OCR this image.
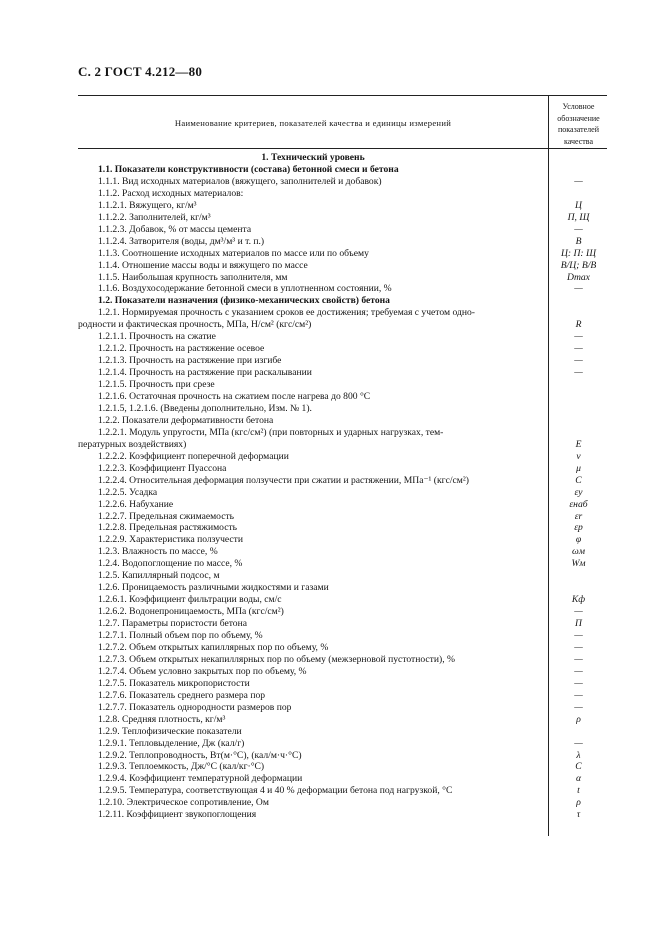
С. 2 ГОСТ 4.212—80
Наименование критериев, показателей качества и единицы измерений
Условное обозначение показателей качества
1. Технический уровень
1.1. Показатели конструктивности (состава) бетонной смеси и бетона
1.1.1. Вид исходных материалов (вяжущего, заполнителей и добавок)	—
1.1.2. Расход исходных материалов:
1.1.2.1. Вяжущего, кг/м³	Ц
1.1.2.2. Заполнителей, кг/м³	П, Щ
1.1.2.3. Добавок, % от массы цемента	—
1.1.2.4. Затворителя (воды, дм³/м³ и т. п.)	В
1.1.3. Соотношение исходных материалов по массе или по объему	Ц: П: Щ
1.1.4. Отношение массы воды и вяжущего по массе	В/Ц; В/В
1.1.5. Наибольшая крупность заполнителя, мм	Dmax
1.1.6. Воздухосодержание бетонной смеси в уплотненном состоянии, %	—
1.2. Показатели назначения (физико-механических свойств) бетона
1.2.1. Нормируемая прочность с указанием сроков ее достижения; требуемая с учетом одно-
родности и фактическая прочность, МПа, Н/см² (кгс/см²)	R
1.2.1.1. Прочность на сжатие	—
1.2.1.2. Прочность на растяжение осевое	—
1.2.1.3. Прочность на растяжение при изгибе	—
1.2.1.4. Прочность на растяжение при раскалывании	—
1.2.1.5. Прочность при срезе
1.2.1.6. Остаточная прочность на сжатием после нагрева до 800 °С
1.2.1.5, 1.2.1.6. (Введены дополнительно, Изм. № 1).
1.2.2. Показатели деформативности бетона
1.2.2.1. Модуль упругости, МПа (кгс/см²) (при повторных и ударных нагрузках, тем-
пературных воздействиях)	E
1.2.2.2. Коэффициент поперечной деформации	ν
1.2.2.3. Коэффициент Пуассона	μ
1.2.2.4. Относительная деформация ползучести при сжатии и растяжении, МПа⁻¹ (кгс/см²)	C
1.2.2.5. Усадка	εу
1.2.2.6. Набухание	εнаб
1.2.2.7. Предельная сжимаемость	εr
1.2.2.8. Предельная растяжимость	εp
1.2.2.9. Характеристика ползучести	φ
1.2.3. Влажность по массе, %	ωм
1.2.4. Водопоглощение по массе, %	Wм
1.2.5. Капиллярный подсос, м
1.2.6. Проницаемость различными жидкостями и газами
1.2.6.1. Коэффициент фильтрации воды, см/с	Kф
1.2.6.2. Водонепроницаемость, МПа (кгс/см²)	—
1.2.7. Параметры пористости бетона	П
1.2.7.1. Полный объем пор по объему, %	—
1.2.7.2. Объем открытых капиллярных пор по объему, %	—
1.2.7.3. Объем открытых некапиллярных пор по объему (межзерновой пустотности), %	—
1.2.7.4. Объем условно закрытых пор по объему, %	—
1.2.7.5. Показатель микропористости	—
1.2.7.6. Показатель среднего размера пор	—
1.2.7.7. Показатель однородности размеров пор	—
1.2.8. Средняя плотность, кг/м³	ρ
1.2.9. Теплофизические показатели
1.2.9.1. Тепловыделение, Дж (кал/г)	—
1.2.9.2. Теплопроводность, Вт(м·°С), (кал/м·ч·°С)	λ
1.2.9.3. Теплоемкость, Дж/°С (кал/кг·°С)	C
1.2.9.4. Коэффициент температурной деформации	α
1.2.9.5. Температура, соответствующая 4 и 40 % деформации бетона под нагрузкой, °С	t
1.2.10. Электрическое сопротивление, Ом	ρ
1.2.11. Коэффициент звукопоглощения	τ
